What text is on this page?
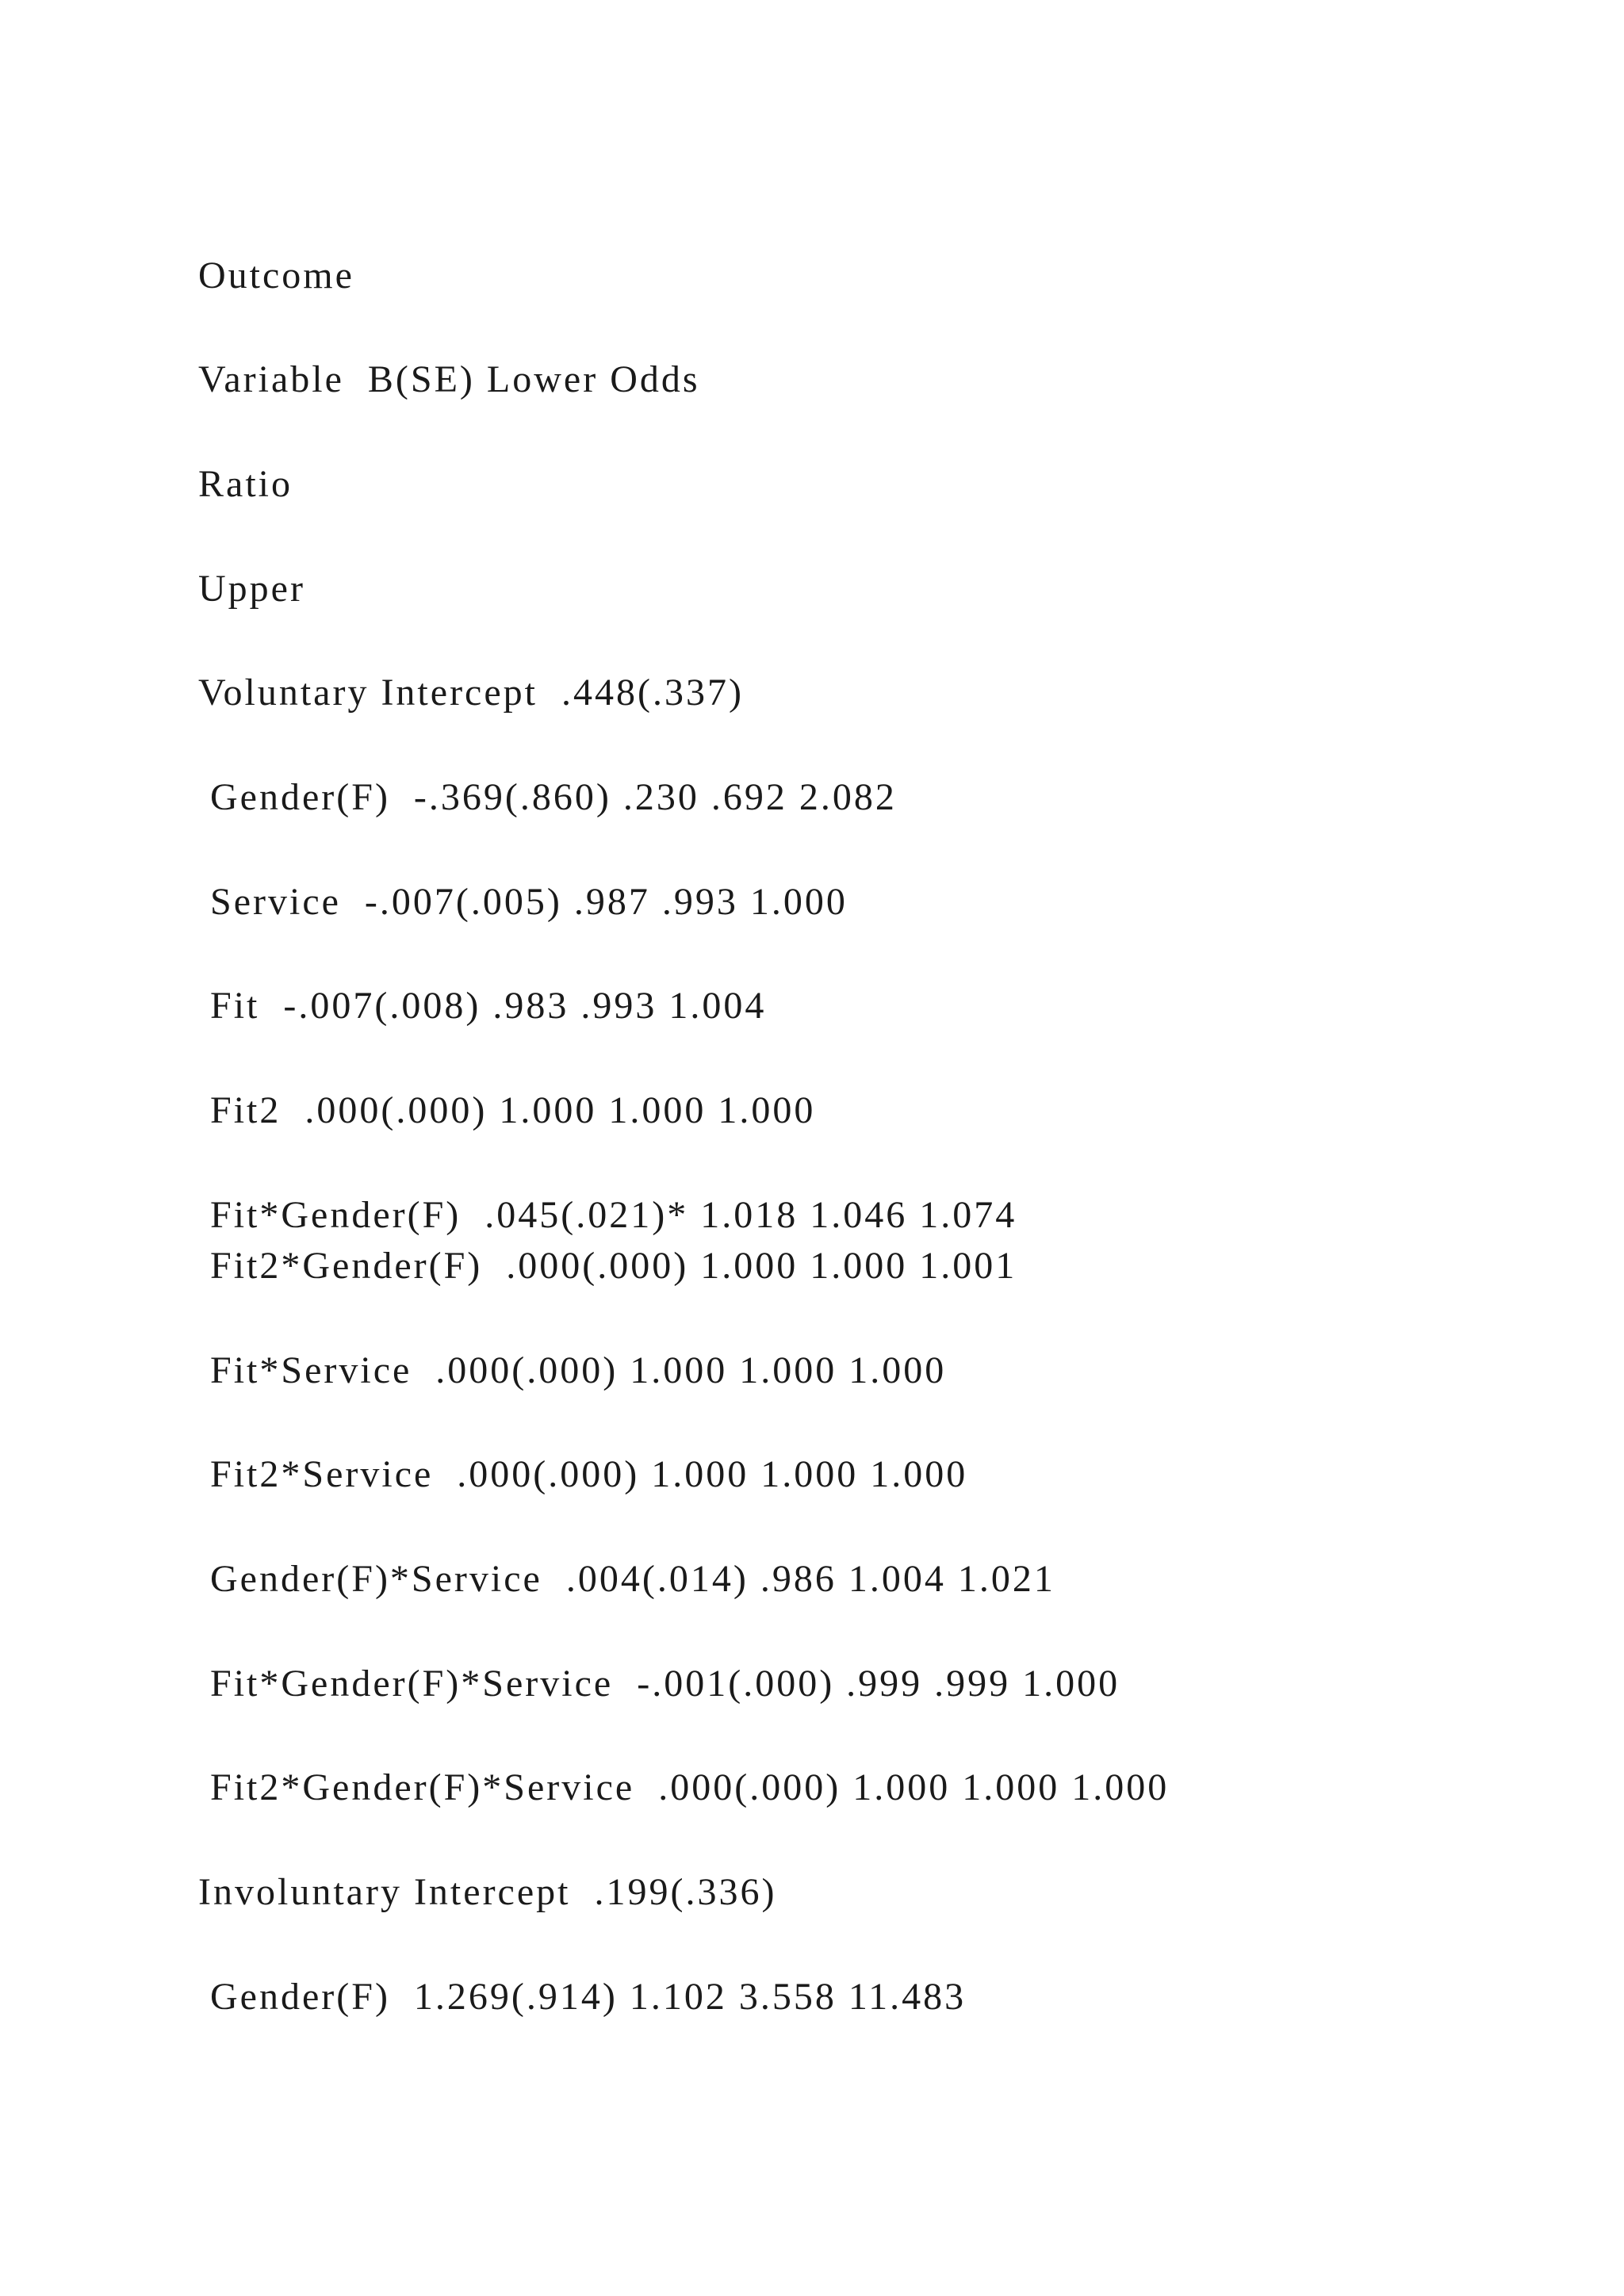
Outcome
Variable  B(SE) Lower Odds
Ratio
Upper
Voluntary Intercept  .448(.337)
Gender(F)  -.369(.860) .230 .692 2.082
Service  -.007(.005) .987 .993 1.000
Fit  -.007(.008) .983 .993 1.004
Fit2  .000(.000) 1.000 1.000 1.000
Fit*Gender(F)  .045(.021)* 1.018 1.046 1.074
Fit2*Gender(F)  .000(.000) 1.000 1.000 1.001
Fit*Service  .000(.000) 1.000 1.000 1.000
Fit2*Service  .000(.000) 1.000 1.000 1.000
Gender(F)*Service  .004(.014) .986 1.004 1.021
Fit*Gender(F)*Service  -.001(.000) .999 .999 1.000
Fit2*Gender(F)*Service  .000(.000) 1.000 1.000 1.000
Involuntary Intercept  .199(.336)
Gender(F)  1.269(.914) 1.102 3.558 11.483
